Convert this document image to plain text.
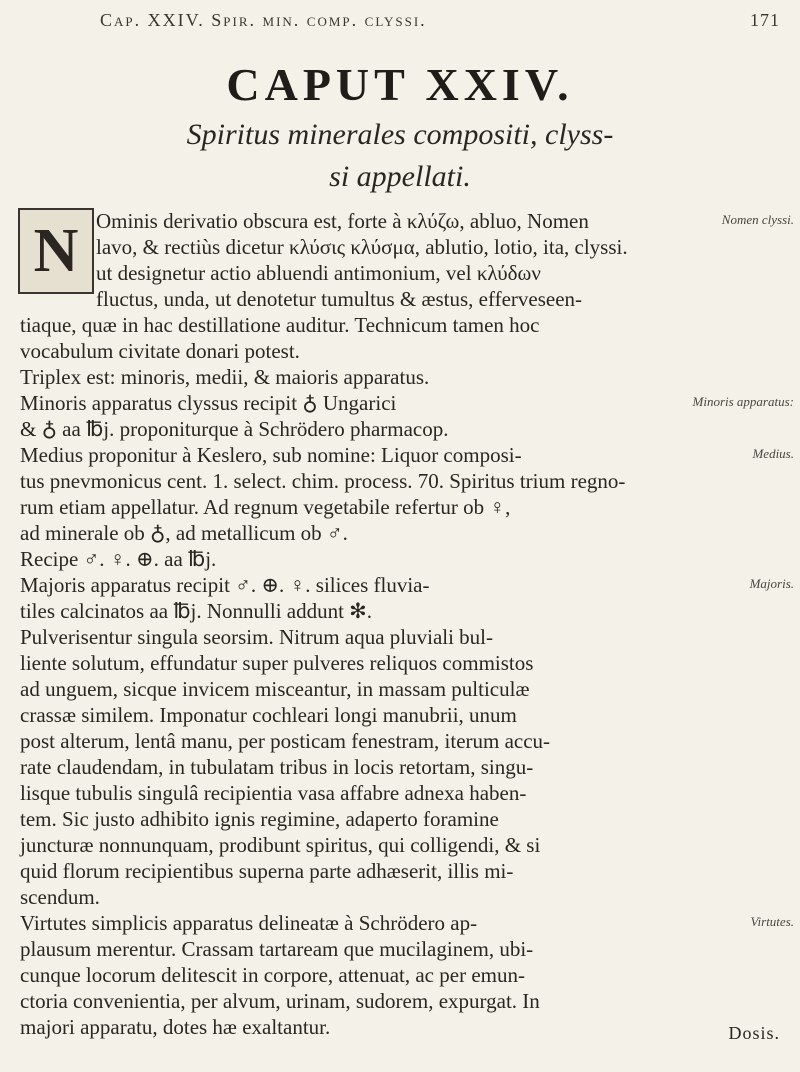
Cap. XXIV. Spir. min. comp. clyssi.	171
CAPUT XXIV.
Spiritus minerales compositi, clyss-
si appellati.
N Ominis derivatio obscura est, forte à κλύζω, abluo, Nomen
lavo, & rectiùs dicetur κλύσις κλύσμα, ablutio, lotio, ita, clyssi.
ut designetur actio abluendi antimonium, vel κλύδων
fluctus, unda, ut denotetur tumultus & æstus, efferveseen-
tiaque, quæ in hac destillatione auditur. Technicum tamen hoc
vocabulum civitate donari potest.
Triplex est: minoris, medii, & maioris apparatus.
Minoris apparatus clyssus recipit ♁ Ungarici
& ♁ aa ℔j. proponiturque à Schrödero pharmacop.
Medius proponitur à Keslero, sub nomine: Liquor composi-
tus pnevmonicus cent. 1. select. chim. process. 70. Spiritus trium regno-
rum etiam appellatur. Ad regnum vegetabile refertur ob ♀,
ad minerale ob ♁, ad metallicum ob ♂.
Recipe ♂. ♀. ⊕. aa ℔j.
Majoris apparatus recipit ♂. ⊕. ♀. silices fluvia-
tiles calcinatos aa ℔j. Nonnulli addunt ✻.
Pulverisentur singula seorsim. Nitrum aqua pluviali bul-
liente solutum, effundatur super pulveres reliquos commistos
ad unguem, sicque invicem misceantur, in massam pulticulæ
crassæ similem. Imponatur cochleari longi manubrii, unum
post alterum, lentâ manu, per posticam fenestram, iterum accu-
rate claudendam, in tubulatam tribus in locis retortam, singu-
lisque tubulis singulâ recipientia vasa affabre adnexa haben-
tem. Sic justo adhibito ignis regimine, adaperto foramine
juncturæ nonnunquam, prodibunt spiritus, qui colligendi, & si
quid florum recipientibus superna parte adhæserit, illis mi-
scendum.
Virtutes simplicis apparatus delineatæ à Schrödero ap-
plausum merentur. Crassam tartaream que mucilaginem, ubi-
cunque locorum delitescit in corpore, attenuat, ac per emun-
ctoria convenientia, per alvum, urinam, sudorem, expurgat. In
majori apparatu, dotes hæ exaltantur.
Nomen clyssi.
Minoris apparatus:
Medius.
Majoris.
Virtutes.
Dosis.
